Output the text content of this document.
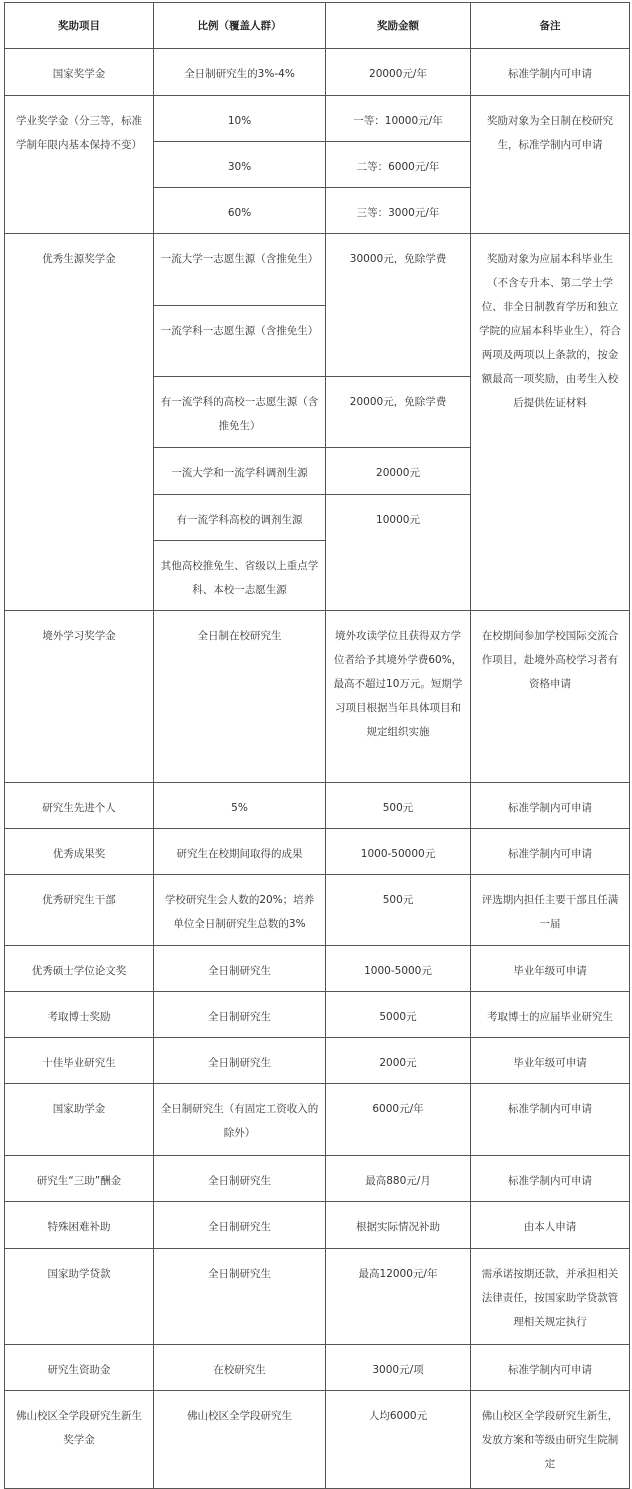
奖助项目	比例（覆盖人群）	奖励金额	备注
国家奖学金	全日制研究生的3%-4%	20000元/年	标准学制内可申请
学业奖学金（分三等，标准学制年限内基本保持不变）	10%	一等：10000元/年	奖励对象为全日制在校研究生，标准学制内可申请
	30%	二等：6000元/年	
	60%	三等：3000元/年	
优秀生源奖学金	一流大学一志愿生源（含推免生）	30000元，免除学费	奖励对象为应届本科毕业生（不含专升本、第二学士学位、非全日制教育学历和独立学院的应届本科毕业生），符合两项及两项以上条款的，按金额最高一项奖励，由考生入校后提供佐证材料
	一流学科一志愿生源（含推免生）		
	有一流学科的高校一志愿生源（含推免生）	20000元，免除学费	
	一流大学和一流学科调剂生源	20000元	
	有一流学科高校的调剂生源	10000元	
	其他高校推免生、省级以上重点学科、本校一志愿生源		
境外学习奖学金	全日制在校研究生	境外攻读学位且获得双方学位者给予其境外学费60%，最高不超过10万元。短期学习项目根据当年具体项目和规定组织实施	在校期间参加学校国际交流合作项目，赴境外高校学习者有资格申请
研究生先进个人	5%	500元	标准学制内可申请
优秀成果奖	研究生在校期间取得的成果	1000-50000元	标准学制内可申请
优秀研究生干部	学校研究生会人数的20%；培养单位全日制研究生总数的3%	500元	评选期内担任主要干部且任满一届
优秀硕士学位论文奖	全日制研究生	1000-5000元	毕业年级可申请
考取博士奖励	全日制研究生	5000元	考取博士的应届毕业研究生
十佳毕业研究生	全日制研究生	2000元	毕业年级可申请
国家助学金	全日制研究生（有固定工资收入的除外）	6000元/年	标准学制内可申请
研究生“三助”酬金	全日制研究生	最高880元/月	标准学制内可申请
特殊困难补助	全日制研究生	根据实际情况补助	由本人申请
国家助学贷款	全日制研究生	最高12000元/年	需承诺按期还款，并承担相关法律责任，按国家助学贷款管理相关规定执行
研究生资助金	在校研究生	3000元/项	标准学制内可申请
佛山校区全学段研究生新生奖学金	佛山校区全学段研究生	人均6000元	佛山校区全学段研究生新生，发放方案和等级由研究生院制定
